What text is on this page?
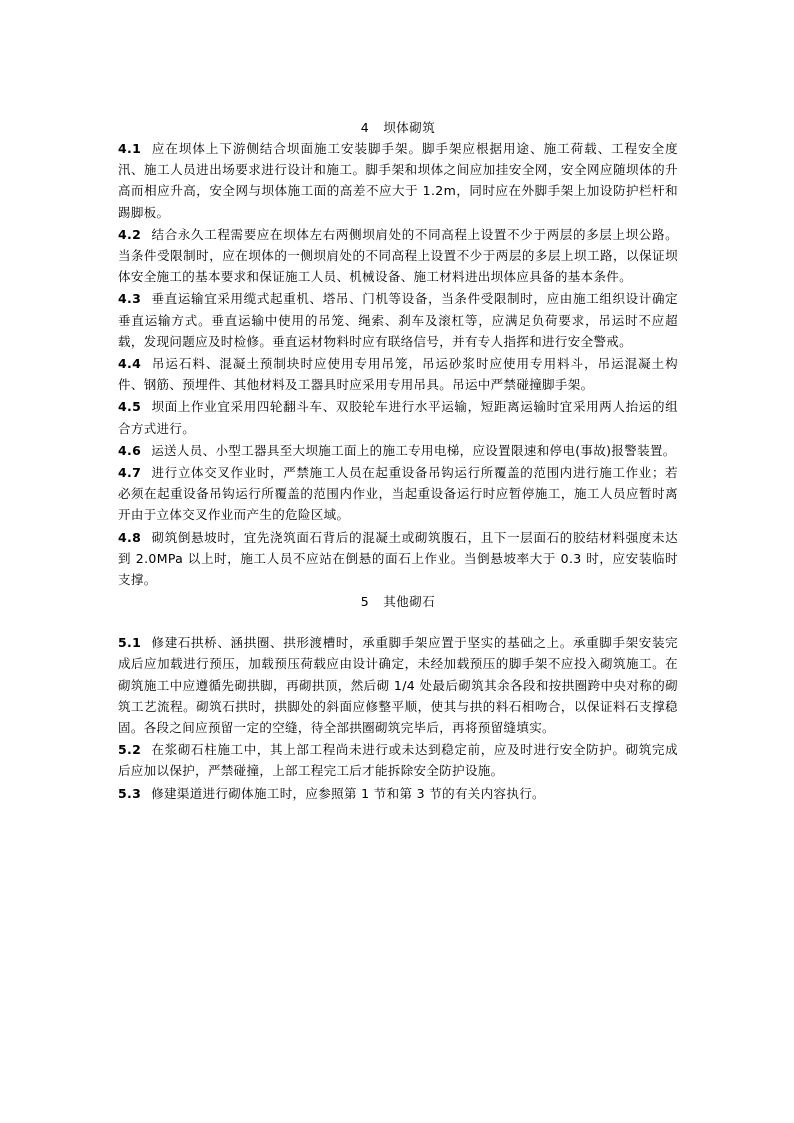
4 坝体砌筑

4.1 应在坝体上下游侧结合坝面施工安装脚手架。脚手架应根据用途、施工荷载、工程安全度汛、施工人员进出场要求进行设计和施工。脚手架和坝体之间应加挂安全网，安全网应随坝体的升高而相应升高，安全网与坝体施工面的高差不应大于 1.2m，同时应在外脚手架上加设防护栏杆和踢脚板。

4.2 结合永久工程需要应在坝体左右两侧坝肩处的不同高程上设置不少于两层的多层上坝公路。当条件受限制时，应在坝体的一侧坝肩处的不同高程上设置不少于两层的多层上坝工路，以保证坝体安全施工的基本要求和保证施工人员、机械设备、施工材料进出坝体应具备的基本条件。

4.3 垂直运输宜采用缆式起重机、塔吊、门机等设备，当条件受限制时，应由施工组织设计确定垂直运输方式。垂直运输中使用的吊笼、绳索、刹车及滚杠等，应满足负荷要求，吊运时不应超载，发现问题应及时检修。垂直运材物料时应有联络信号，并有专人指挥和进行安全警戒。

4.4 吊运石料、混凝土预制块时应使用专用吊笼，吊运砂浆时应使用专用料斗，吊运混凝土构件、钢筋、预埋件、其他材料及工器具时应采用专用吊具。吊运中严禁碰撞脚手架。

4.5 坝面上作业宜采用四轮翻斗车、双胶轮车进行水平运输，短距离运输时宜采用两人抬运的组合方式进行。

4.6 运送人员、小型工器具至大坝施工面上的施工专用电梯，应设置限速和停电(事故)报警装置。

4.7 进行立体交叉作业时，严禁施工人员在起重设备吊钩运行所覆盖的范围内进行施工作业；若必须在起重设备吊钩运行所覆盖的范围内作业，当起重设备运行时应暂停施工，施工人员应暂时离开由于立体交叉作业而产生的危险区域。

4.8 砌筑倒悬坡时，宜先浇筑面石背后的混凝土或砌筑腹石，且下一层面石的胶结材料强度未达到 2.0MPa 以上时，施工人员不应站在倒悬的面石上作业。当倒悬坡率大于 0.3 时，应安装临时支撑。

5 其他砌石

5.1 修建石拱桥、涵拱圈、拱形渡槽时，承重脚手架应置于坚实的基础之上。承重脚手架安装完成后应加载进行预压，加载预压荷载应由设计确定，未经加载预压的脚手架不应投入砌筑施工。在砌筑施工中应遵循先砌拱脚，再砌拱顶，然后砌 1/4 处最后砌筑其余各段和按拱圈跨中央对称的砌筑工艺流程。砌筑石拱时，拱脚处的斜面应修整平顺，使其与拱的料石相吻合，以保证料石支撑稳固。各段之间应预留一定的空缝，待全部拱圈砌筑完毕后，再将预留缝填实。

5.2 在浆砌石柱施工中，其上部工程尚未进行或未达到稳定前，应及时进行安全防护。砌筑完成后应加以保护，严禁碰撞，上部工程完工后才能拆除安全防护设施。

5.3 修建渠道进行砌体施工时，应参照第 1 节和第 3 节的有关内容执行。
